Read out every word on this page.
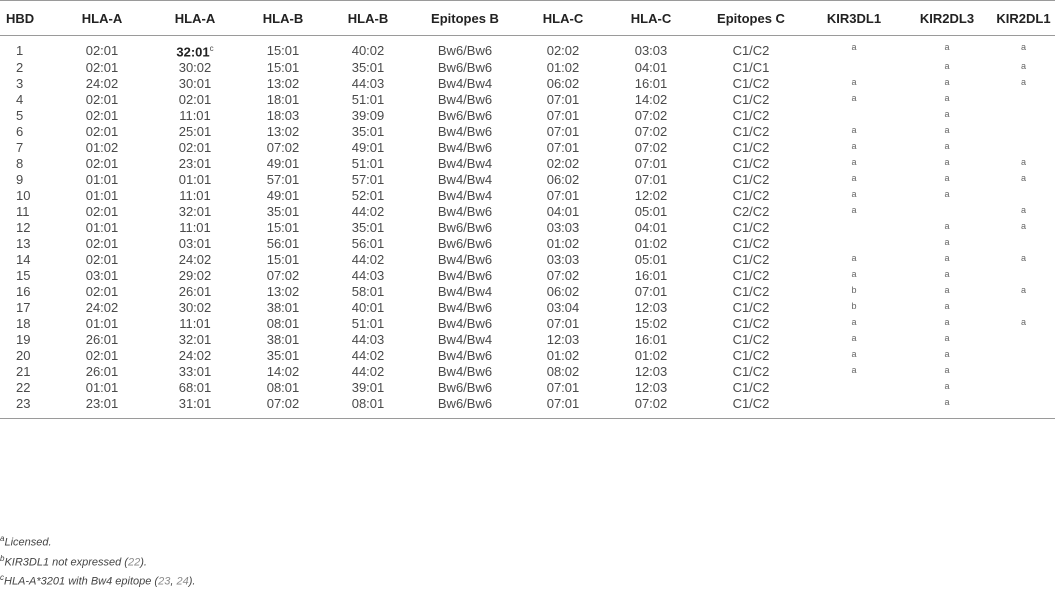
HBD	HLA-A	HLA-A	HLA-B	HLA-B	Epitopes B	HLA-C	HLA-C	Epitopes C	KIR3DL1	KIR2DL3	KIR2DL1
1	02:01	32:01$^c$	15:01	40:02	Bw6/Bw6	02:02	03:03	C1/C2	a	a	a
2	02:01	30:02	15:01	35:01	Bw6/Bw6	01:02	04:01	C1/C1		a	a
3	24:02	30:01	13:02	44:03	Bw4/Bw4	06:02	16:01	C1/C2	a	a	a
4	02:01	02:01	18:01	51:01	Bw4/Bw6	07:01	14:02	C1/C2	a	a	
5	02:01	11:01	18:03	39:09	Bw6/Bw6	07:01	07:02	C1/C2		a	
6	02:01	25:01	13:02	35:01	Bw4/Bw6	07:01	07:02	C1/C2	a	a	
7	01:02	02:01	07:02	49:01	Bw4/Bw6	07:01	07:02	C1/C2	a	a	
8	02:01	23:01	49:01	51:01	Bw4/Bw4	02:02	07:01	C1/C2	a	a	a
9	01:01	01:01	57:01	57:01	Bw4/Bw4	06:02	07:01	C1/C2	a	a	a
10	01:01	11:01	49:01	52:01	Bw4/Bw4	07:01	12:02	C1/C2	a	a	
11	02:01	32:01	35:01	44:02	Bw4/Bw6	04:01	05:01	C2/C2	a		a
12	01:01	11:01	15:01	35:01	Bw6/Bw6	03:03	04:01	C1/C2		a	a
13	02:01	03:01	56:01	56:01	Bw6/Bw6	01:02	01:02	C1/C2		a	
14	02:01	24:02	15:01	44:02	Bw4/Bw6	03:03	05:01	C1/C2	a	a	a
15	03:01	29:02	07:02	44:03	Bw4/Bw6	07:02	16:01	C1/C2	a	a	
16	02:01	26:01	13:02	58:01	Bw4/Bw4	06:02	07:01	C1/C2	b	a	a
17	24:02	30:02	38:01	40:01	Bw4/Bw6	03:04	12:03	C1/C2	b	a	
18	01:01	11:01	08:01	51:01	Bw4/Bw6	07:01	15:02	C1/C2	a	a	a
19	26:01	32:01	38:01	44:03	Bw4/Bw4	12:03	16:01	C1/C2	a	a	
20	02:01	24:02	35:01	44:02	Bw4/Bw6	01:02	01:02	C1/C2	a	a	
21	26:01	33:01	14:02	44:02	Bw4/Bw6	08:02	12:03	C1/C2	a	a	
22	01:01	68:01	08:01	39:01	Bw6/Bw6	07:01	12:03	C1/C2		a	
23	23:01	31:01	07:02	08:01	Bw6/Bw6	07:01	07:02	C1/C2		a	
$^a$Licensed.
$^b$KIR3DL1 not expressed (22).
$^c$HLA-A*3201 with Bw4 epitope (23, 24).
